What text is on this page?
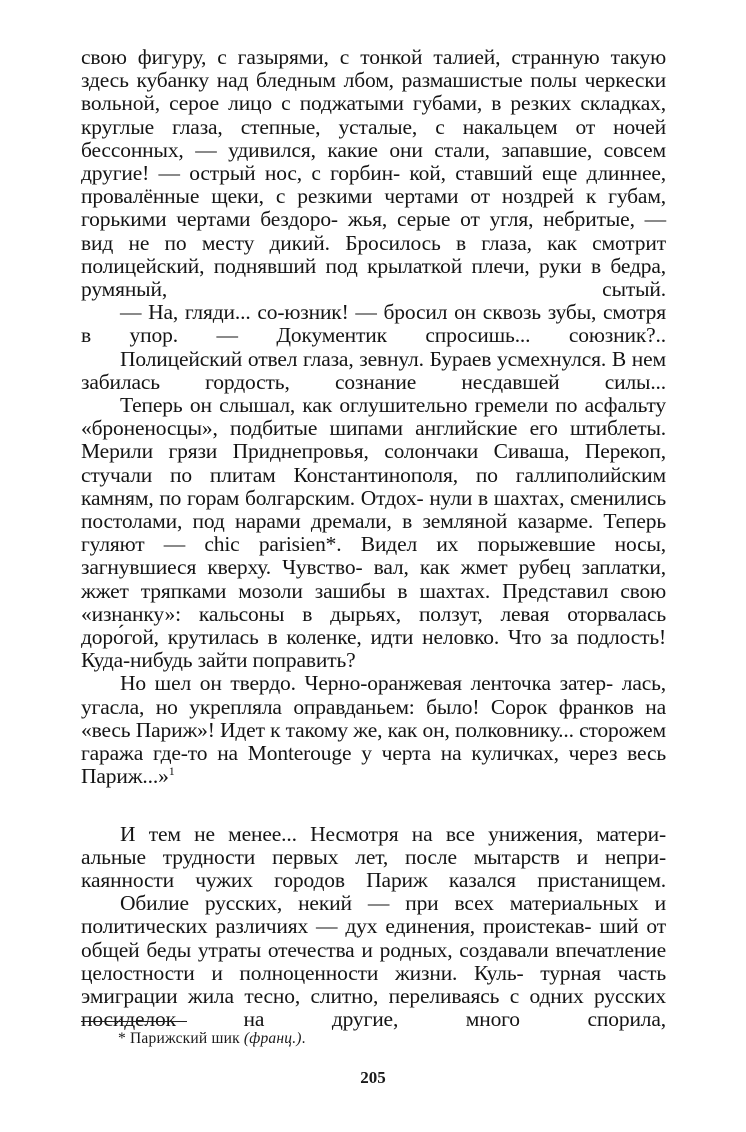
свою фигуру, с газырями, с тонкой талией, странную такую здесь кубанку над бледным лбом, размашистые полы черкески вольной, серое лицо с поджатыми губами, в резких складках, круглые глаза, степные, усталые, с накальцем от ночей бессонных, — удивился, какие они стали, запавшие, совсем другие! — острый нос, с горбин- кой, ставший еще длиннее, провалённые щеки, с резкими чертами от ноздрей к губам, горькими чертами бездоро- жья, серые от угля, небритые, — вид не по месту дикий. Бросилось в глаза, как смотрит полицейский, поднявший под крылаткой плечи, руки в бедра, румяный, сытый.

— На, гляди... со-юзник! — бросил он сквозь зубы, смотря в упор. — Документик спросишь... союзник?..

Полицейский отвел глаза, зевнул. Бураев усмехнулся. В нем забилась гордость, сознание несдавшей силы...

Теперь он слышал, как оглушительно гремели по асфальту «броненосцы», подбитые шипами английские его штиблеты. Мерили грязи Приднепровья, солончаки Сиваша, Перекоп, стучали по плитам Константинополя, по галлиполийским камням, по горам болгарским. Отдох- нули в шахтах, сменились постолами, под нарами дремали, в земляной казарме. Теперь гуляют — chic parisien*. Видел их порыжевшие носы, загнувшиеся кверху. Чувство- вал, как жмет рубец заплатки, жжет тряпками мозоли зашибы в шахтах. Представил свою «изнанку»: кальсоны в дырьях, ползут, левая оторвалась доро́гой, крутилась в коленке, идти неловко. Что за подлость! Куда-нибудь зайти поправить?

Но шел он твердо. Черно-оранжевая ленточка затер- лась, угасла, но укрепляла оправданьем: было! Сорок франков на «весь Париж»! Идет к такому же, как он, полковнику... сторожем гаража где-то на Monterouge у черта на куличках, через весь Париж...»$^1$

И тем не менее... Несмотря на все унижения, матери- альные трудности первых лет, после мытарств и непри- каянности чужих городов Париж казался пристанищем.

Обилие русских, некий — при всех материальных и политических различиях — дух единения, проистекав- ший от общей беды утраты отечества и родных, создавали впечатление целостности и полноценности жизни. Куль- турная часть эмиграции жила тесно, слитно, переливаясь с одних русских посиделок на другие, много спорила,

* Парижский шик (франц.).
205
